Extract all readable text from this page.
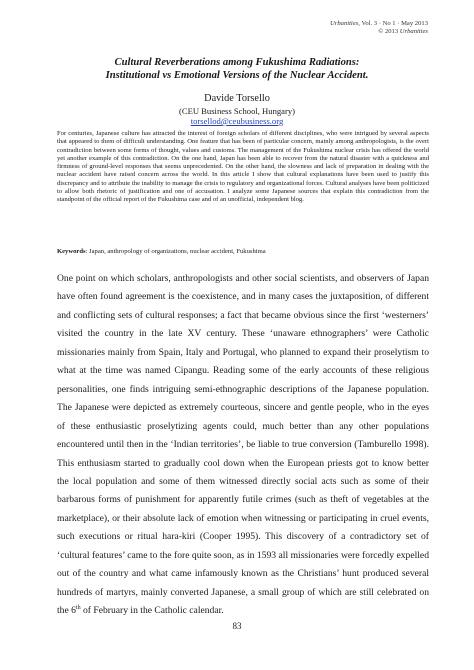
Urbanities, Vol. 3 · No 1 · May 2013
© 2013 Urbanities
Cultural Reverberations among Fukushima Radiations:
Institutional vs Emotional Versions of the Nuclear Accident.
Davide Torsello
(CEU Business School, Hungary)
torsellod@ceubusiness.org

For centuries, Japanese culture has attracted the interest of foreign scholars of different disciplines, who were intrigued by several aspects that appeared to them of difficult understanding. One feature that has been of particular concern, mainly among anthropologists, is the overt contradiction between some forms of thought, values and customs. The management of the Fukushima nuclear crisis has offered the world yet another example of this contradiction. On the one hand, Japan has been able to recover from the natural disaster with a quickness and firmness of ground-level responses that seems unprecedented. On the other hand, the slowness and lack of preparation in dealing with the nuclear accident have raised concern across the world. In this article I show that cultural explanations have been used to justify this discrepancy and to attribute the inability to manage the crisis to regulatory and organizational forces. Cultural analyses have been politicized to allow both rhetoric of justification and one of accusation. I analyze some Japanese sources that explain this contradiction from the standpoint of the official report of the Fukushima case and of an unofficial, independent blog.

Keywords: Japan, anthropology of organizations, nuclear accident, Fukushima

One point on which scholars, anthropologists and other social scientists, and observers of Japan have often found agreement is the coexistence, and in many cases the juxtaposition, of different and conflicting sets of cultural responses; a fact that became obvious since the first ‘westerners’ visited the country in the late XV century. These ‘unaware ethnographers’ were Catholic missionaries mainly from Spain, Italy and Portugal, who planned to expand their proselytism to what at the time was named Cipangu. Reading some of the early accounts of these religious personalities, one finds intriguing semi-ethnographic descriptions of the Japanese population. The Japanese were depicted as extremely courteous, sincere and gentle people, who in the eyes of these enthusiastic proselytizing agents could, much better than any other populations encountered until then in the ‘Indian territories’, be liable to true conversion (Tamburello 1998). This enthusiasm started to gradually cool down when the European priests got to know better the local population and some of them witnessed directly social acts such as some of their barbarous forms of punishment for apparently futile crimes (such as theft of vegetables at the marketplace), or their absolute lack of emotion when witnessing or participating in cruel events, such executions or ritual hara-kiri (Cooper 1995). This discovery of a contradictory set of ‘cultural features’ came to the fore quite soon, as in 1593 all missionaries were forcedly expelled out of the country and what came infamously known as the Christians’ hunt produced several hundreds of martyrs, mainly converted Japanese, a small group of which are still celebrated on the 6th of February in the Catholic calendar.

83
